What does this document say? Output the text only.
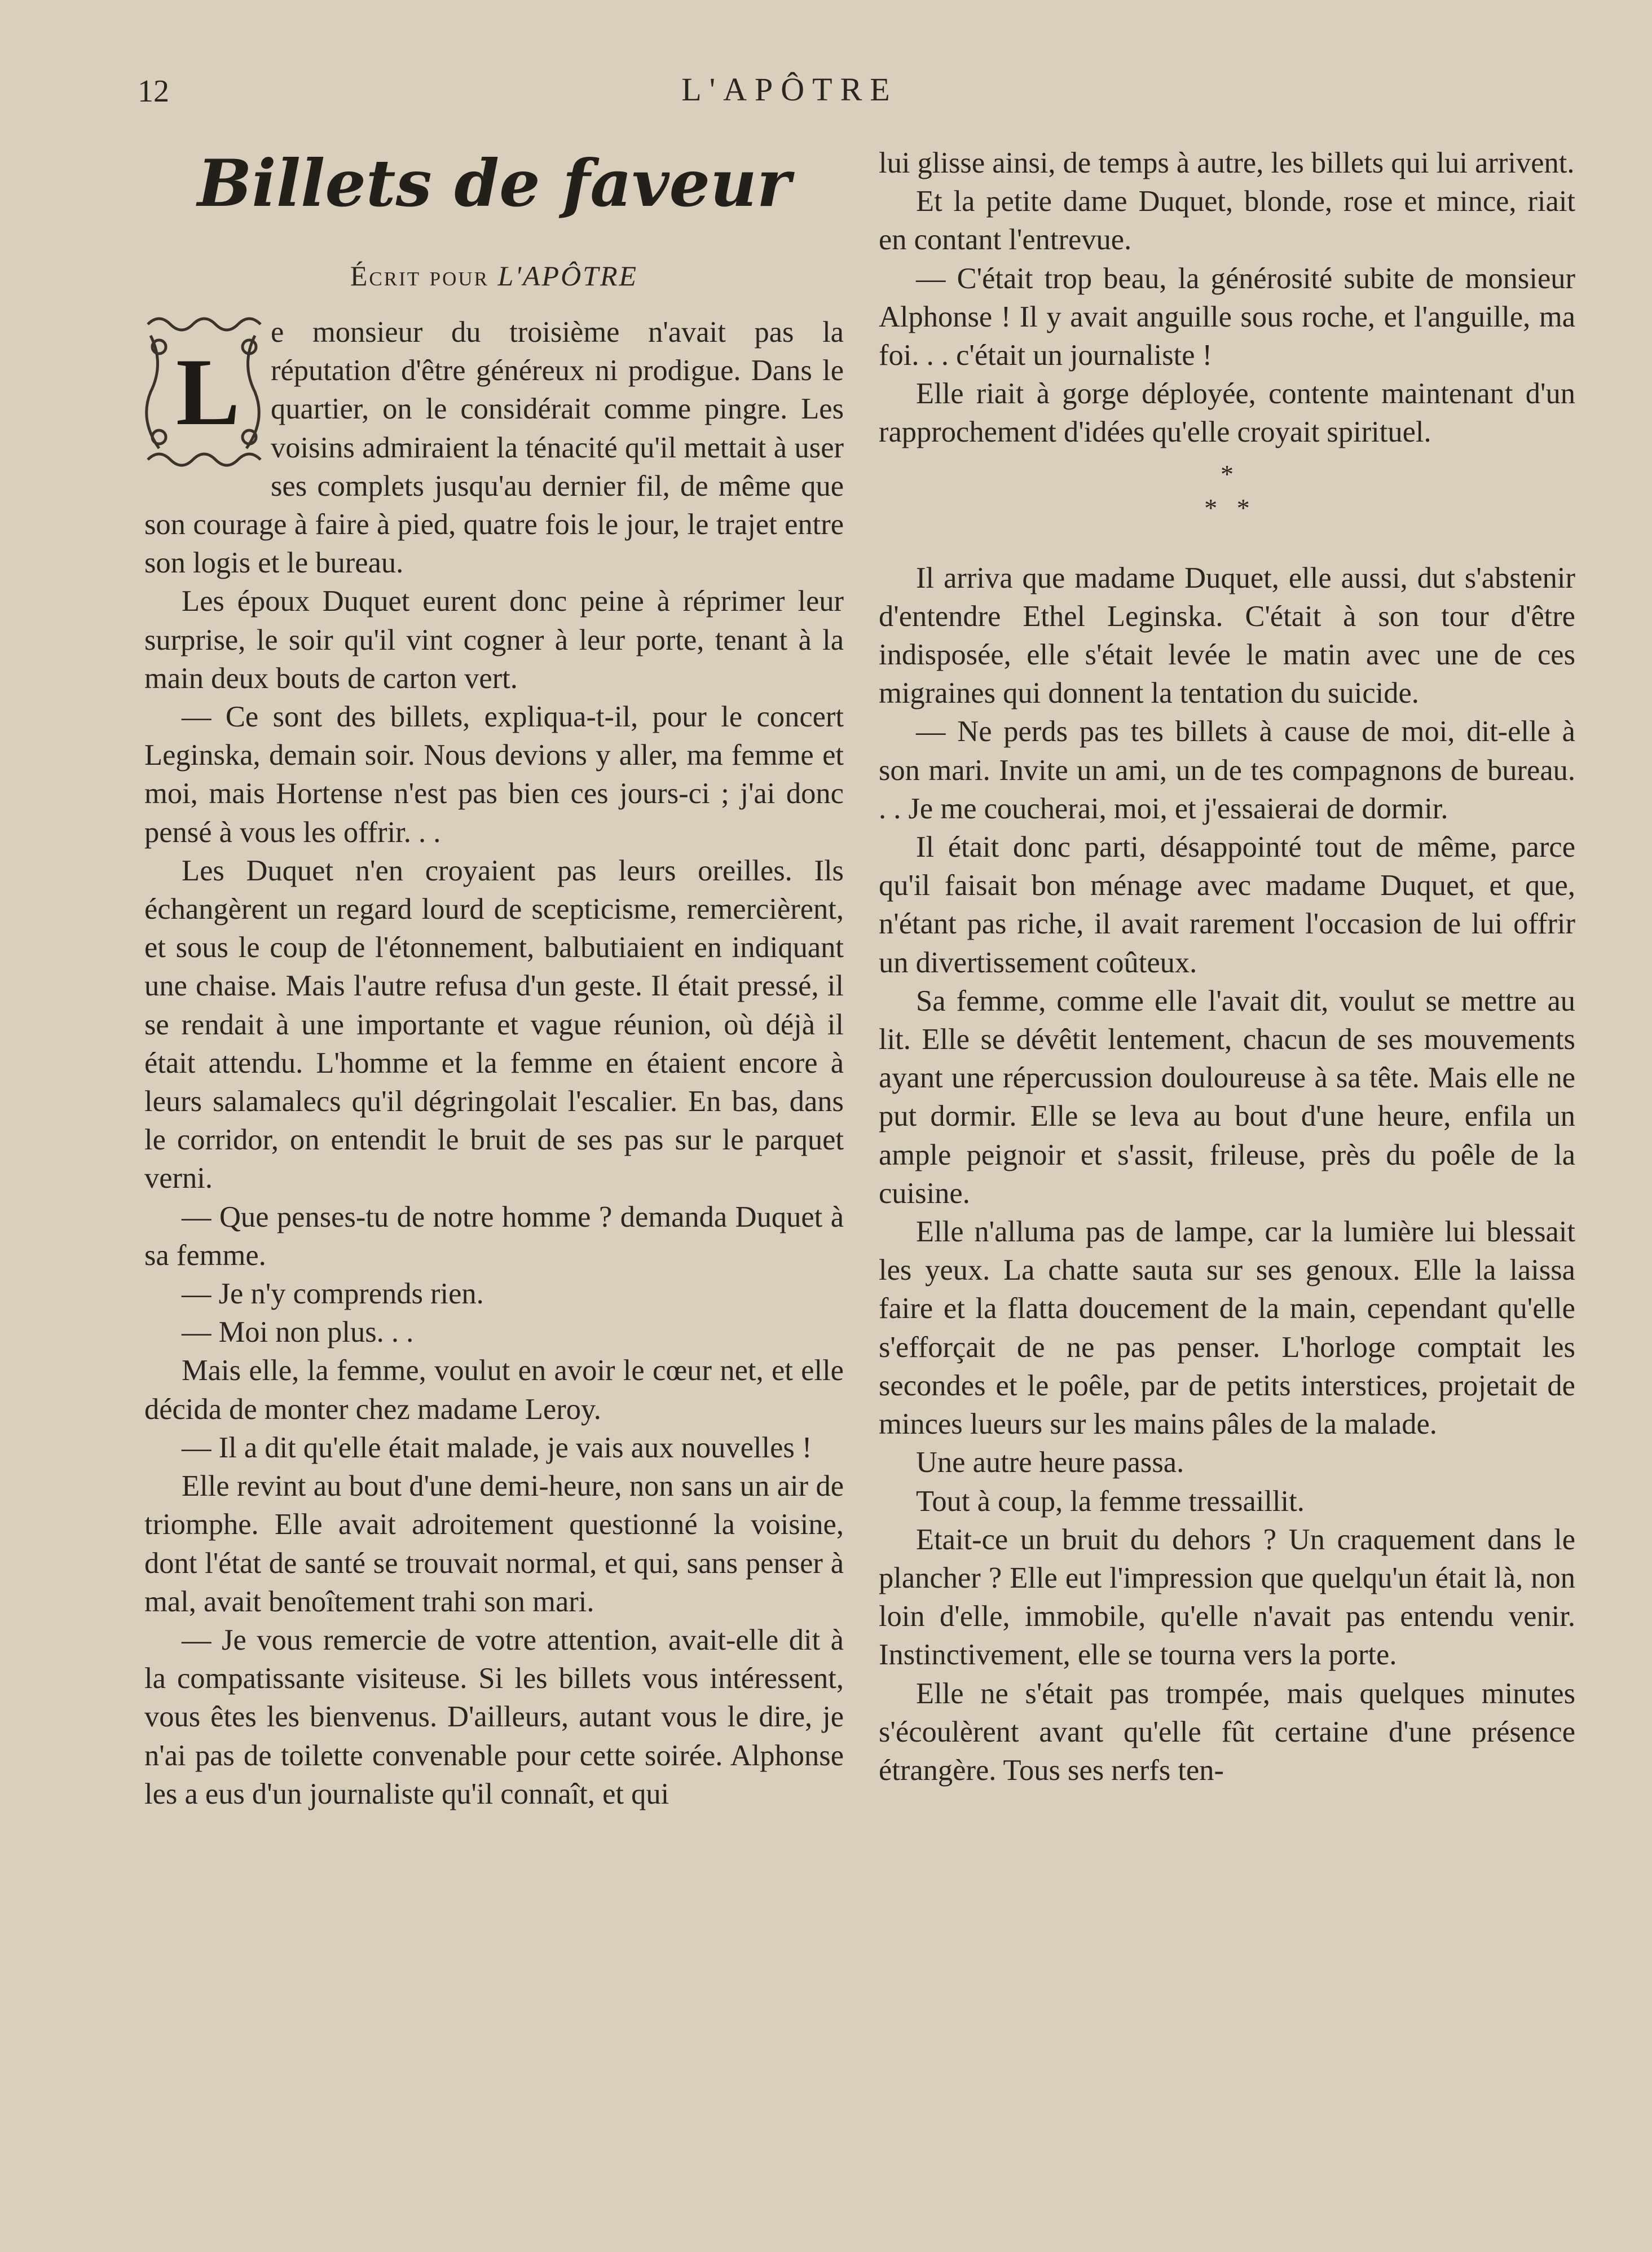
12	L'APÔTRE
Billets de faveur
Écrit pour L'APÔTRE
L

e monsieur du troisième n'avait pas la réputation d'être généreux ni prodigue. Dans le quartier, on le considérait comme pingre. Les voisins admiraient la ténacité qu'il mettait à user ses complets jusqu'au dernier fil, de même que son courage à faire à pied, quatre fois le jour, le trajet entre son logis et le bureau.

Les époux Duquet eurent donc peine à réprimer leur surprise, le soir qu'il vint cogner à leur porte, tenant à la main deux bouts de carton vert.

— Ce sont des billets, expliqua-t-il, pour le concert Leginska, demain soir. Nous devions y aller, ma femme et moi, mais Hortense n'est pas bien ces jours-ci ; j'ai donc pensé à vous les offrir. . .

Les Duquet n'en croyaient pas leurs oreilles. Ils échangèrent un regard lourd de scepticisme, remercièrent, et sous le coup de l'étonnement, balbutiaient en indiquant une chaise. Mais l'autre refusa d'un geste. Il était pressé, il se rendait à une importante et vague réunion, où déjà il était attendu. L'homme et la femme en étaient encore à leurs salamalecs qu'il dégringolait l'escalier. En bas, dans le corridor, on entendit le bruit de ses pas sur le parquet verni.

— Que penses-tu de notre homme ? demanda Duquet à sa femme.

— Je n'y comprends rien.

— Moi non plus. . .

Mais elle, la femme, voulut en avoir le cœur net, et elle décida de monter chez madame Leroy.

— Il a dit qu'elle était malade, je vais aux nouvelles !

Elle revint au bout d'une demi-heure, non sans un air de triomphe. Elle avait adroitement questionné la voisine, dont l'état de santé se trouvait normal, et qui, sans penser à mal, avait benoîtement trahi son mari.

— Je vous remercie de votre attention, avait-elle dit à la compatissante visiteuse. Si les billets vous intéressent, vous êtes les bienvenus. D'ailleurs, autant vous le dire, je n'ai pas de toilette convenable pour cette soirée. Alphonse les a eus d'un journaliste qu'il connaît, et qui

lui glisse ainsi, de temps à autre, les billets qui lui arrivent.

Et la petite dame Duquet, blonde, rose et mince, riait en contant l'entrevue.

— C'était trop beau, la générosité subite de monsieur Alphonse ! Il y avait anguille sous roche, et l'anguille, ma foi. . . c'était un journaliste !

Elle riait à gorge déployée, contente maintenant d'un rapprochement d'idées qu'elle croyait spirituel.

*
*   *

Il arriva que madame Duquet, elle aussi, dut s'abstenir d'entendre Ethel Leginska. C'était à son tour d'être indisposée, elle s'était levée le matin avec une de ces migraines qui donnent la tentation du suicide.

— Ne perds pas tes billets à cause de moi, dit-elle à son mari. Invite un ami, un de tes compagnons de bureau. . . Je me coucherai, moi, et j'essaierai de dormir.

Il était donc parti, désappointé tout de même, parce qu'il faisait bon ménage avec madame Duquet, et que, n'étant pas riche, il avait rarement l'occasion de lui offrir un divertissement coûteux.

Sa femme, comme elle l'avait dit, voulut se mettre au lit. Elle se dévêtit lentement, chacun de ses mouvements ayant une répercussion douloureuse à sa tête. Mais elle ne put dormir. Elle se leva au bout d'une heure, enfila un ample peignoir et s'assit, frileuse, près du poêle de la cuisine.

Elle n'alluma pas de lampe, car la lumière lui blessait les yeux. La chatte sauta sur ses genoux. Elle la laissa faire et la flatta doucement de la main, cependant qu'elle s'efforçait de ne pas penser. L'horloge comptait les secondes et le poêle, par de petits interstices, projetait de minces lueurs sur les mains pâles de la malade.

Une autre heure passa.

Tout à coup, la femme tressaillit.

Etait-ce un bruit du dehors ? Un craquement dans le plancher ? Elle eut l'impression que quelqu'un était là, non loin d'elle, immobile, qu'elle n'avait pas entendu venir. Instinctivement, elle se tourna vers la porte.

Elle ne s'était pas trompée, mais quelques minutes s'écoulèrent avant qu'elle fût certaine d'une présence étrangère. Tous ses nerfs ten-
